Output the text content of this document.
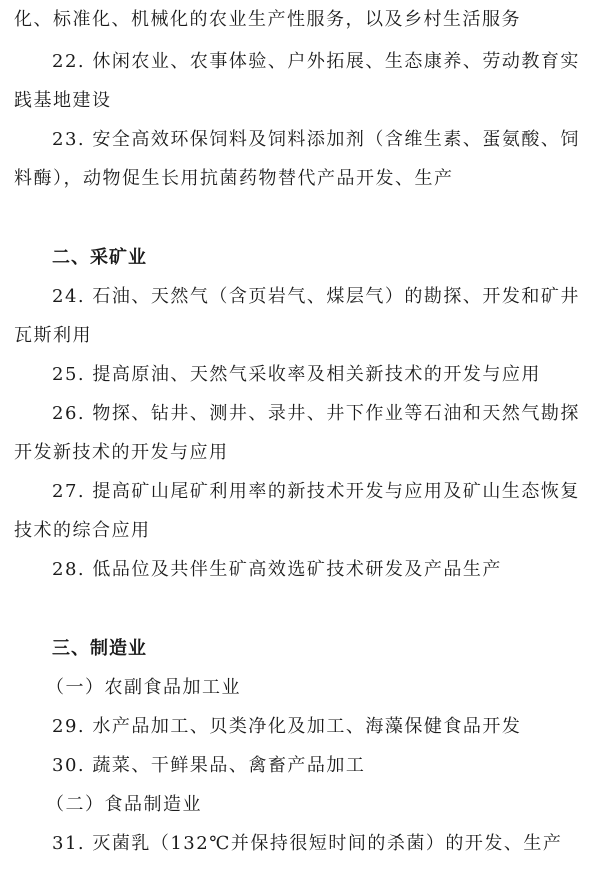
化、标准化、机械化的农业生产性服务，以及乡村生活服务
22. 休闲农业、农事体验、户外拓展、生态康养、劳动教育实
践基地建设
23. 安全高效环保饲料及饲料添加剂（含维生素、蛋氨酸、饲
料酶），动物促生长用抗菌药物替代产品开发、生产
二、采矿业
24. 石油、天然气（含页岩气、煤层气）的勘探、开发和矿井
瓦斯利用
25. 提高原油、天然气采收率及相关新技术的开发与应用
26. 物探、钻井、测井、录井、井下作业等石油和天然气勘探
开发新技术的开发与应用
27. 提高矿山尾矿利用率的新技术开发与应用及矿山生态恢复
技术的综合应用
28. 低品位及共伴生矿高效选矿技术研发及产品生产
三、制造业
（一）农副食品加工业
29. 水产品加工、贝类净化及加工、海藻保健食品开发
30. 蔬菜、干鲜果品、禽畜产品加工
（二）食品制造业
31. 灭菌乳（132℃并保持很短时间的杀菌）的开发、生产
